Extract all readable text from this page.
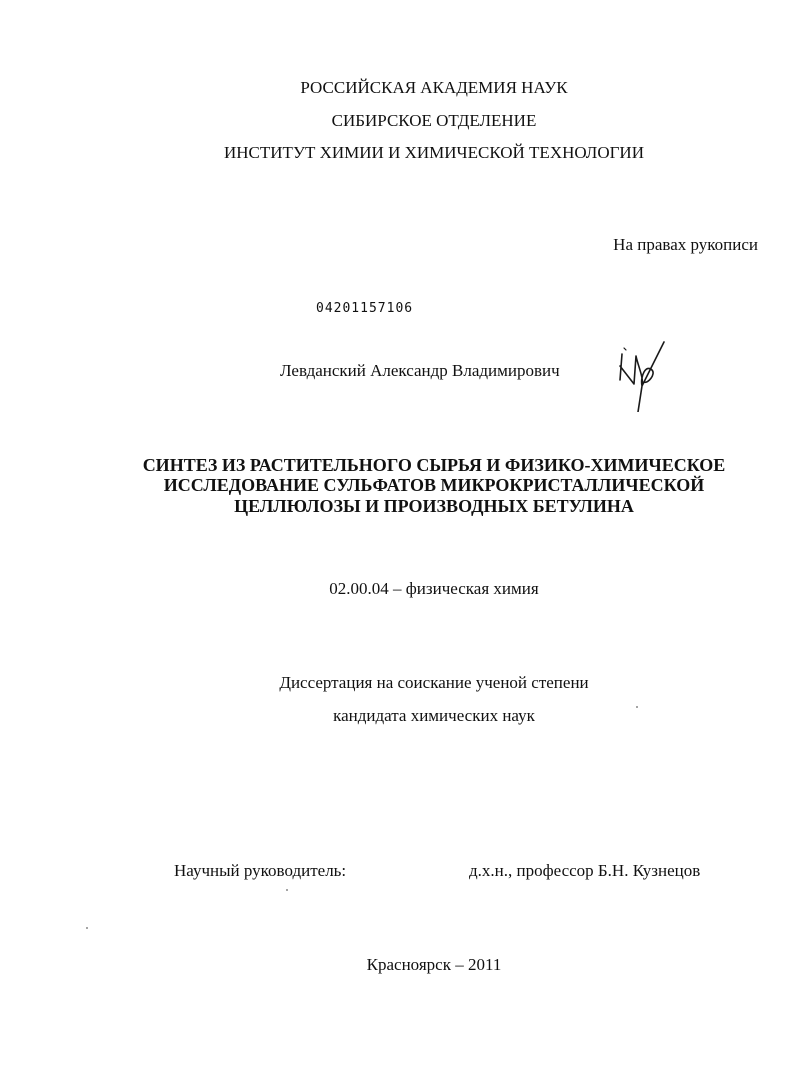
РОССИЙСКАЯ АКАДЕМИЯ НАУК
СИБИРСКОЕ ОТДЕЛЕНИЕ
ИНСТИТУТ ХИМИИ И ХИМИЧЕСКОЙ ТЕХНОЛОГИИ
На правах рукописи
04201157106
Левданский Александр Владимирович
СИНТЕЗ ИЗ РАСТИТЕЛЬНОГО СЫРЬЯ И ФИЗИКО-ХИМИЧЕСКОЕ
ИССЛЕДОВАНИЕ СУЛЬФАТОВ МИКРОКРИСТАЛЛИЧЕСКОЙ
ЦЕЛЛЮЛОЗЫ И ПРОИЗВОДНЫХ БЕТУЛИНА
02.00.04 – физическая химия
Диссертация на соискание ученой степени
кандидата химических наук
Научный руководитель:	д.х.н., профессор Б.Н. Кузнецов
Красноярск – 2011
